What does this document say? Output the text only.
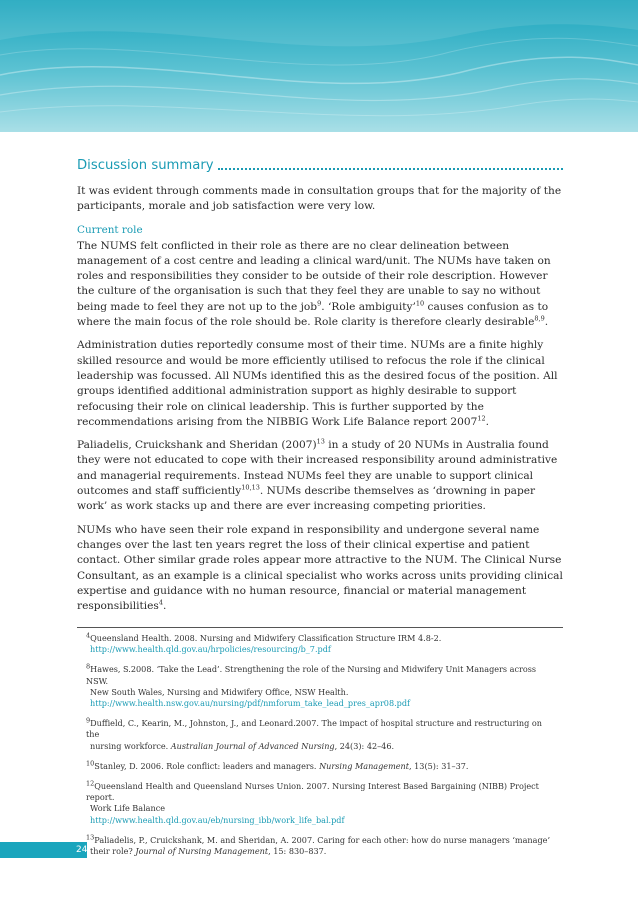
Discussion summary

It was evident through comments made in consultation groups that for the majority of the participants, morale and job satisfaction were very low.

Current role

The NUMS felt conflicted in their role as there are no clear delineation between management of a cost centre and leading a clinical ward/unit. The NUMs have taken on roles and responsibilities they consider to be outside of their role description. However the culture of the organisation is such that they feel they are unable to say no without being made to feel they are not up to the job$^9$. ‘Role ambiguity’$^{10}$ causes confusion as to where the main focus of the role should be. Role clarity is therefore clearly desirable$^{8,9}$.

Administration duties reportedly consume most of their time. NUMs are a finite highly skilled resource and would be more efficiently utilised to refocus the role if the clinical leadership was focussed. All NUMs identified this as the desired focus of the position. All groups identified additional administration support as highly desirable to support refocusing their role on clinical leadership. This is further supported by the recommendations arising from the NIBBIG Work Life Balance report 2007$^{12}$.

Paliadelis, Cruickshank and Sheridan $(2007)^{13}$ in a study of 20 NUMs in Australia found they were not educated to cope with their increased responsibility around administrative and managerial requirements. Instead NUMs feel they are unable to support clinical outcomes and staff sufficiently$^{10,13}$. NUMs describe themselves as ‘drowning in paper work’ as work stacks up and there are ever increasing competing priorities.

NUMs who have seen their role expand in responsibility and undergone several name changes over the last ten years regret the loss of their clinical expertise and patient contact. Other similar grade roles appear more attractive to the NUM. The Clinical Nurse Consultant, as an example is a clinical specialist who works across units providing clinical expertise and guidance with no human resource, financial or material management responsibilities$^4$.

$^4$Queensland Health. 2008. Nursing and Midwifery Classification Structure IRM 4.8-2.
http://www.health.qld.gov.au/hrpolicies/resourcing/b_7.pdf
$^8$Hawes, S.2008. ‘Take the Lead’. Strengthening the role of the Nursing and Midwifery Unit Managers across NSW.
New South Wales, Nursing and Midwifery Office, NSW Health.
http://www.health.nsw.gov.au/nursing/pdf/nmforum_take_lead_pres_apr08.pdf
$^9$Duffield, C., Kearin, M., Johnston, J., and Leonard.2007. The impact of hospital structure and restructuring on the
nursing workforce. Australian Journal of Advanced Nursing, 24(3): 42–46.
$^{10}$Stanley, D. 2006. Role conflict: leaders and managers. Nursing Management, 13(5): 31–37.
$^{12}$Queensland Health and Queensland Nurses Union. 2007. Nursing Interest Based Bargaining (NIBB) Project report.
Work Life Balance
http://www.health.qld.gov.au/eb/nursing_ibb/work_life_bal.pdf
$^{13}$Paliadelis, P., Cruickshank, M. and Sheridan, A. 2007. Caring for each other: how do nurse managers ‘manage’
their role? Journal of Nursing Management, 15: 830–837.
24
